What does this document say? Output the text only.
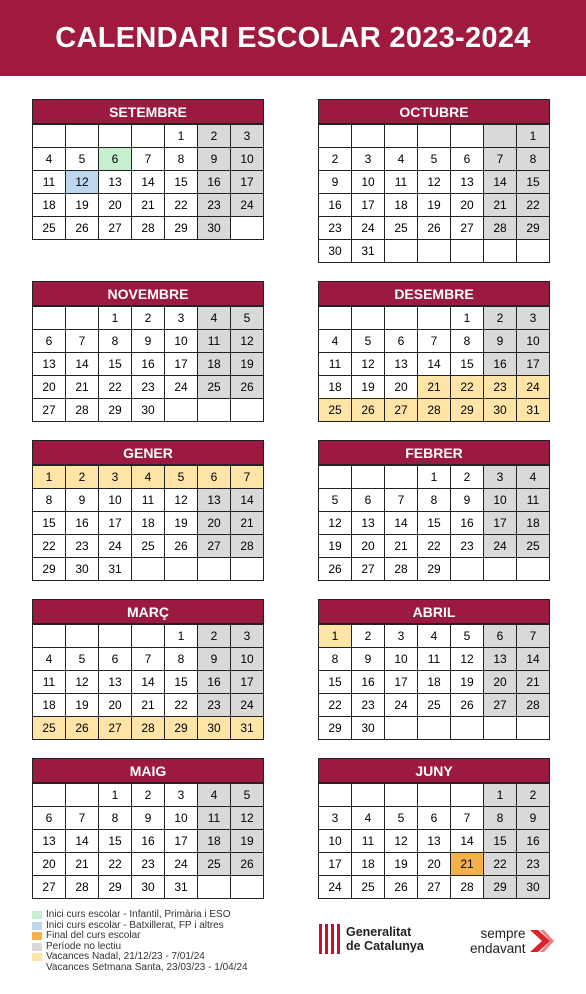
CALENDARI ESCOLAR 2023-2024
SETEMBRE
				1	2	3
4	5	6	7	8	9	10
11	12	13	14	15	16	17
18	19	20	21	22	23	24
25	26	27	28	29	30	
OCTUBRE
						1
2	3	4	5	6	7	8
9	10	11	12	13	14	15
16	17	18	19	20	21	22
23	24	25	26	27	28	29
30	31					
NOVEMBRE
		1	2	3	4	5
6	7	8	9	10	11	12
13	14	15	16	17	18	19
20	21	22	23	24	25	26
27	28	29	30			
DESEMBRE
				1	2	3
4	5	6	7	8	9	10
11	12	13	14	15	16	17
18	19	20	21	22	23	24
25	26	27	28	29	30	31
GENER
1	2	3	4	5	6	7
8	9	10	11	12	13	14
15	16	17	18	19	20	21
22	23	24	25	26	27	28
29	30	31				
FEBRER
			1	2	3	4
5	6	7	8	9	10	11
12	13	14	15	16	17	18
19	20	21	22	23	24	25
26	27	28	29			
MARÇ
				1	2	3
4	5	6	7	8	9	10
11	12	13	14	15	16	17
18	19	20	21	22	23	24
25	26	27	28	29	30	31
ABRIL
1	2	3	4	5	6	7
8	9	10	11	12	13	14
15	16	17	18	19	20	21
22	23	24	25	26	27	28
29	30					
MAIG
		1	2	3	4	5
6	7	8	9	10	11	12
13	14	15	16	17	18	19
20	21	22	23	24	25	26
27	28	29	30	31		
JUNY
					1	2
3	4	5	6	7	8	9
10	11	12	13	14	15	16
17	18	19	20	21	22	23
24	25	26	27	28	29	30
Inici curs escolar - Infantil, Primària i ESO
Inici curs escolar - Batxillerat, FP i altres
Final del curs escolar
Període no lectiu
Vacances Nadal, 21/12/23 - 7/01/24
Vacances Setmana Santa, 23/03/23 - 1/04/24
Generalitat
de Catalunya
sempre
endavant
